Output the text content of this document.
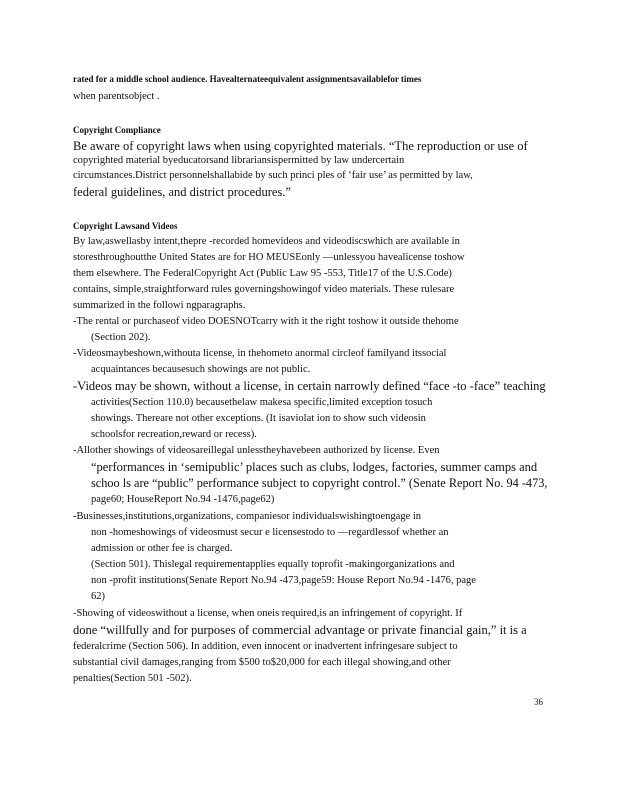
rated for a middle school audience. Havealternateequivalent assignmentsavailablefor times
when parentsobject .
Copyright Compliance
Be aware of copyright laws when using copyrighted materials. “The reproduction or use of
copyrighted material byeducatorsand librariansispermitted by law undercertain
circumstances.District personnelshallabide by such princi ples of ‘fair use’ as permitted by law,
federal guidelines, and district procedures.”
Copyright Lawsand Videos
By law,aswellasby intent,thepre -recorded homevideos and videodiscswhich are available in
storesthroughoutthe United States are for HO MEUSEonly —unlessyou havealicense toshow
them elsewhere. The FederalCopyright Act (Public Law 95 -553, Title17 of the U.S.Code)
contains, simple,straightforward rules governingshowingof video materials. These rulesare
summarized in the followi ngparagraphs.
-The rental or purchaseof video DOESNOTcarry with it the right toshow it outside thehome
(Section 202).
-Videosmaybeshown,withouta license, in thehometo anormal circleof familyand itssocial
acquaintances becausesuch showings are not public.
-Videos may be shown, without a license, in certain narrowly defined “face -to -face” teaching
activities(Section 110.0) becausethelaw makesa specific,limited exception tosuch
showings. Thereare not other exceptions. (It isaviolat ion to show such videosin
schoolsfor recreation,reward or recess).
-Allother showings of videosareillegal unlesstheyhavebeen authorized by license. Even
“performances in ‘semipublic’ places such as clubs, lodges, factories, summer camps and
schoo ls are “public” performance subject to copyright control.” (Senate Report No. 94 -473,
page60; HouseReport No.94 -1476,page62)
-Businesses,institutions,organizations, companiesor individualswishingtoengage in
non -homeshowings of videosmust secur e licensestodo to —regardlessof whether an
admission or other fee is charged.
(Section 501). Thislegal requirementapplies equally toprofit -makingorganizations and
non -profit institutions(Senate Report No.94 -473,page59: House Report No.94 -1476, page
62)
-Showing of videoswithout a license, when oneis required,is an infringement of copyright. If
done “willfully and for purposes of commercial advantage or private financial gain,” it is a
federalcrime (Section 506). In addition, even innocent or inadvertent infringesare subject to
substantial civil damages,ranging from $500 to$20,000 for each illegal showing,and other
penalties(Section 501 -502).
36
